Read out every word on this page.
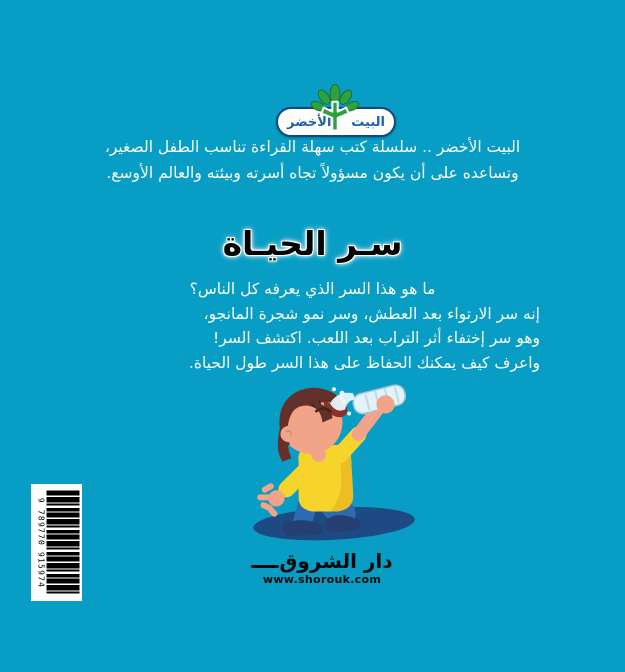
البيت
الأخضر
البيت الأخضر .. سلسلة كتب سهلة القراءة تناسب الطفل الصغير،
وتساعده على أن يكون مسؤولاً تجاه أسرته وبيئته والعالم الأوسع.
سـر الحيـاة
ما هو هذا السر الذي يعرفه كل الناس؟
إنه سر الارتواء بعد العطش، وسر نمو شجرة المانجو،
وهو سر إختفاء أثر التراب بعد اللعب. اكتشف السر!
واعرف كيف يمكنك الحفاظ على هذا السر طول الحياة.
9 789770 915974	دار الشروق
www.shorouk.com
